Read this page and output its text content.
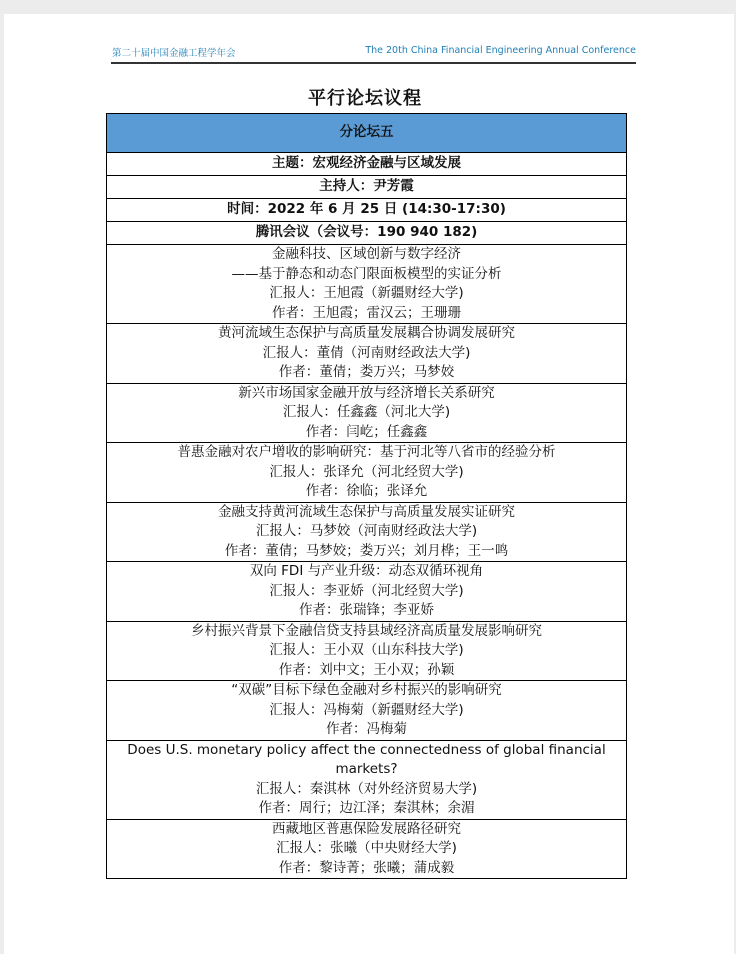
第二十届中国金融工程学年会	The 20th China Financial Engineering Annual Conference
平行论坛议程
分论坛五
主题：宏观经济金融与区域发展
主持人：尹芳霞
时间：2022 年 6 月 25 日 (14:30-17:30)
腾讯会议（会议号：190 940 182)

金融科技、区域创新与数字经济
——基于静态和动态门限面板模型的实证分析
汇报人：王旭霞（新疆财经大学)
作者：王旭霞；雷汉云；王珊珊

黄河流域生态保护与高质量发展耦合协调发展研究
汇报人：董倩（河南财经政法大学)
作者：董倩；娄万兴；马梦姣

新兴市场国家金融开放与经济增长关系研究
汇报人：任鑫鑫（河北大学)
作者：闫屹；任鑫鑫

普惠金融对农户增收的影响研究：基于河北等八省市的经验分析
汇报人：张译允（河北经贸大学)
作者：徐临；张译允

金融支持黄河流域生态保护与高质量发展实证研究
汇报人：马梦姣（河南财经政法大学)
作者：董倩；马梦姣；娄万兴；刘月桦；王一鸣

双向 FDI 与产业升级：动态双循环视角
汇报人：李亚娇（河北经贸大学)
作者：张瑞锋；李亚娇

乡村振兴背景下金融信贷支持县域经济高质量发展影响研究
汇报人：王小双（山东科技大学)
作者：刘中文；王小双；孙颖

“双碳”目标下绿色金融对乡村振兴的影响研究
汇报人：冯梅菊（新疆财经大学)
作者：冯梅菊

Does U.S. monetary policy affect the connectedness of global financial markets?
汇报人：秦淇林（对外经济贸易大学)
作者：周行；边江泽；秦淇林；余湄

西藏地区普惠保险发展路径研究
汇报人：张曦（中央财经大学)
作者：黎诗菁；张曦；蒲成毅
